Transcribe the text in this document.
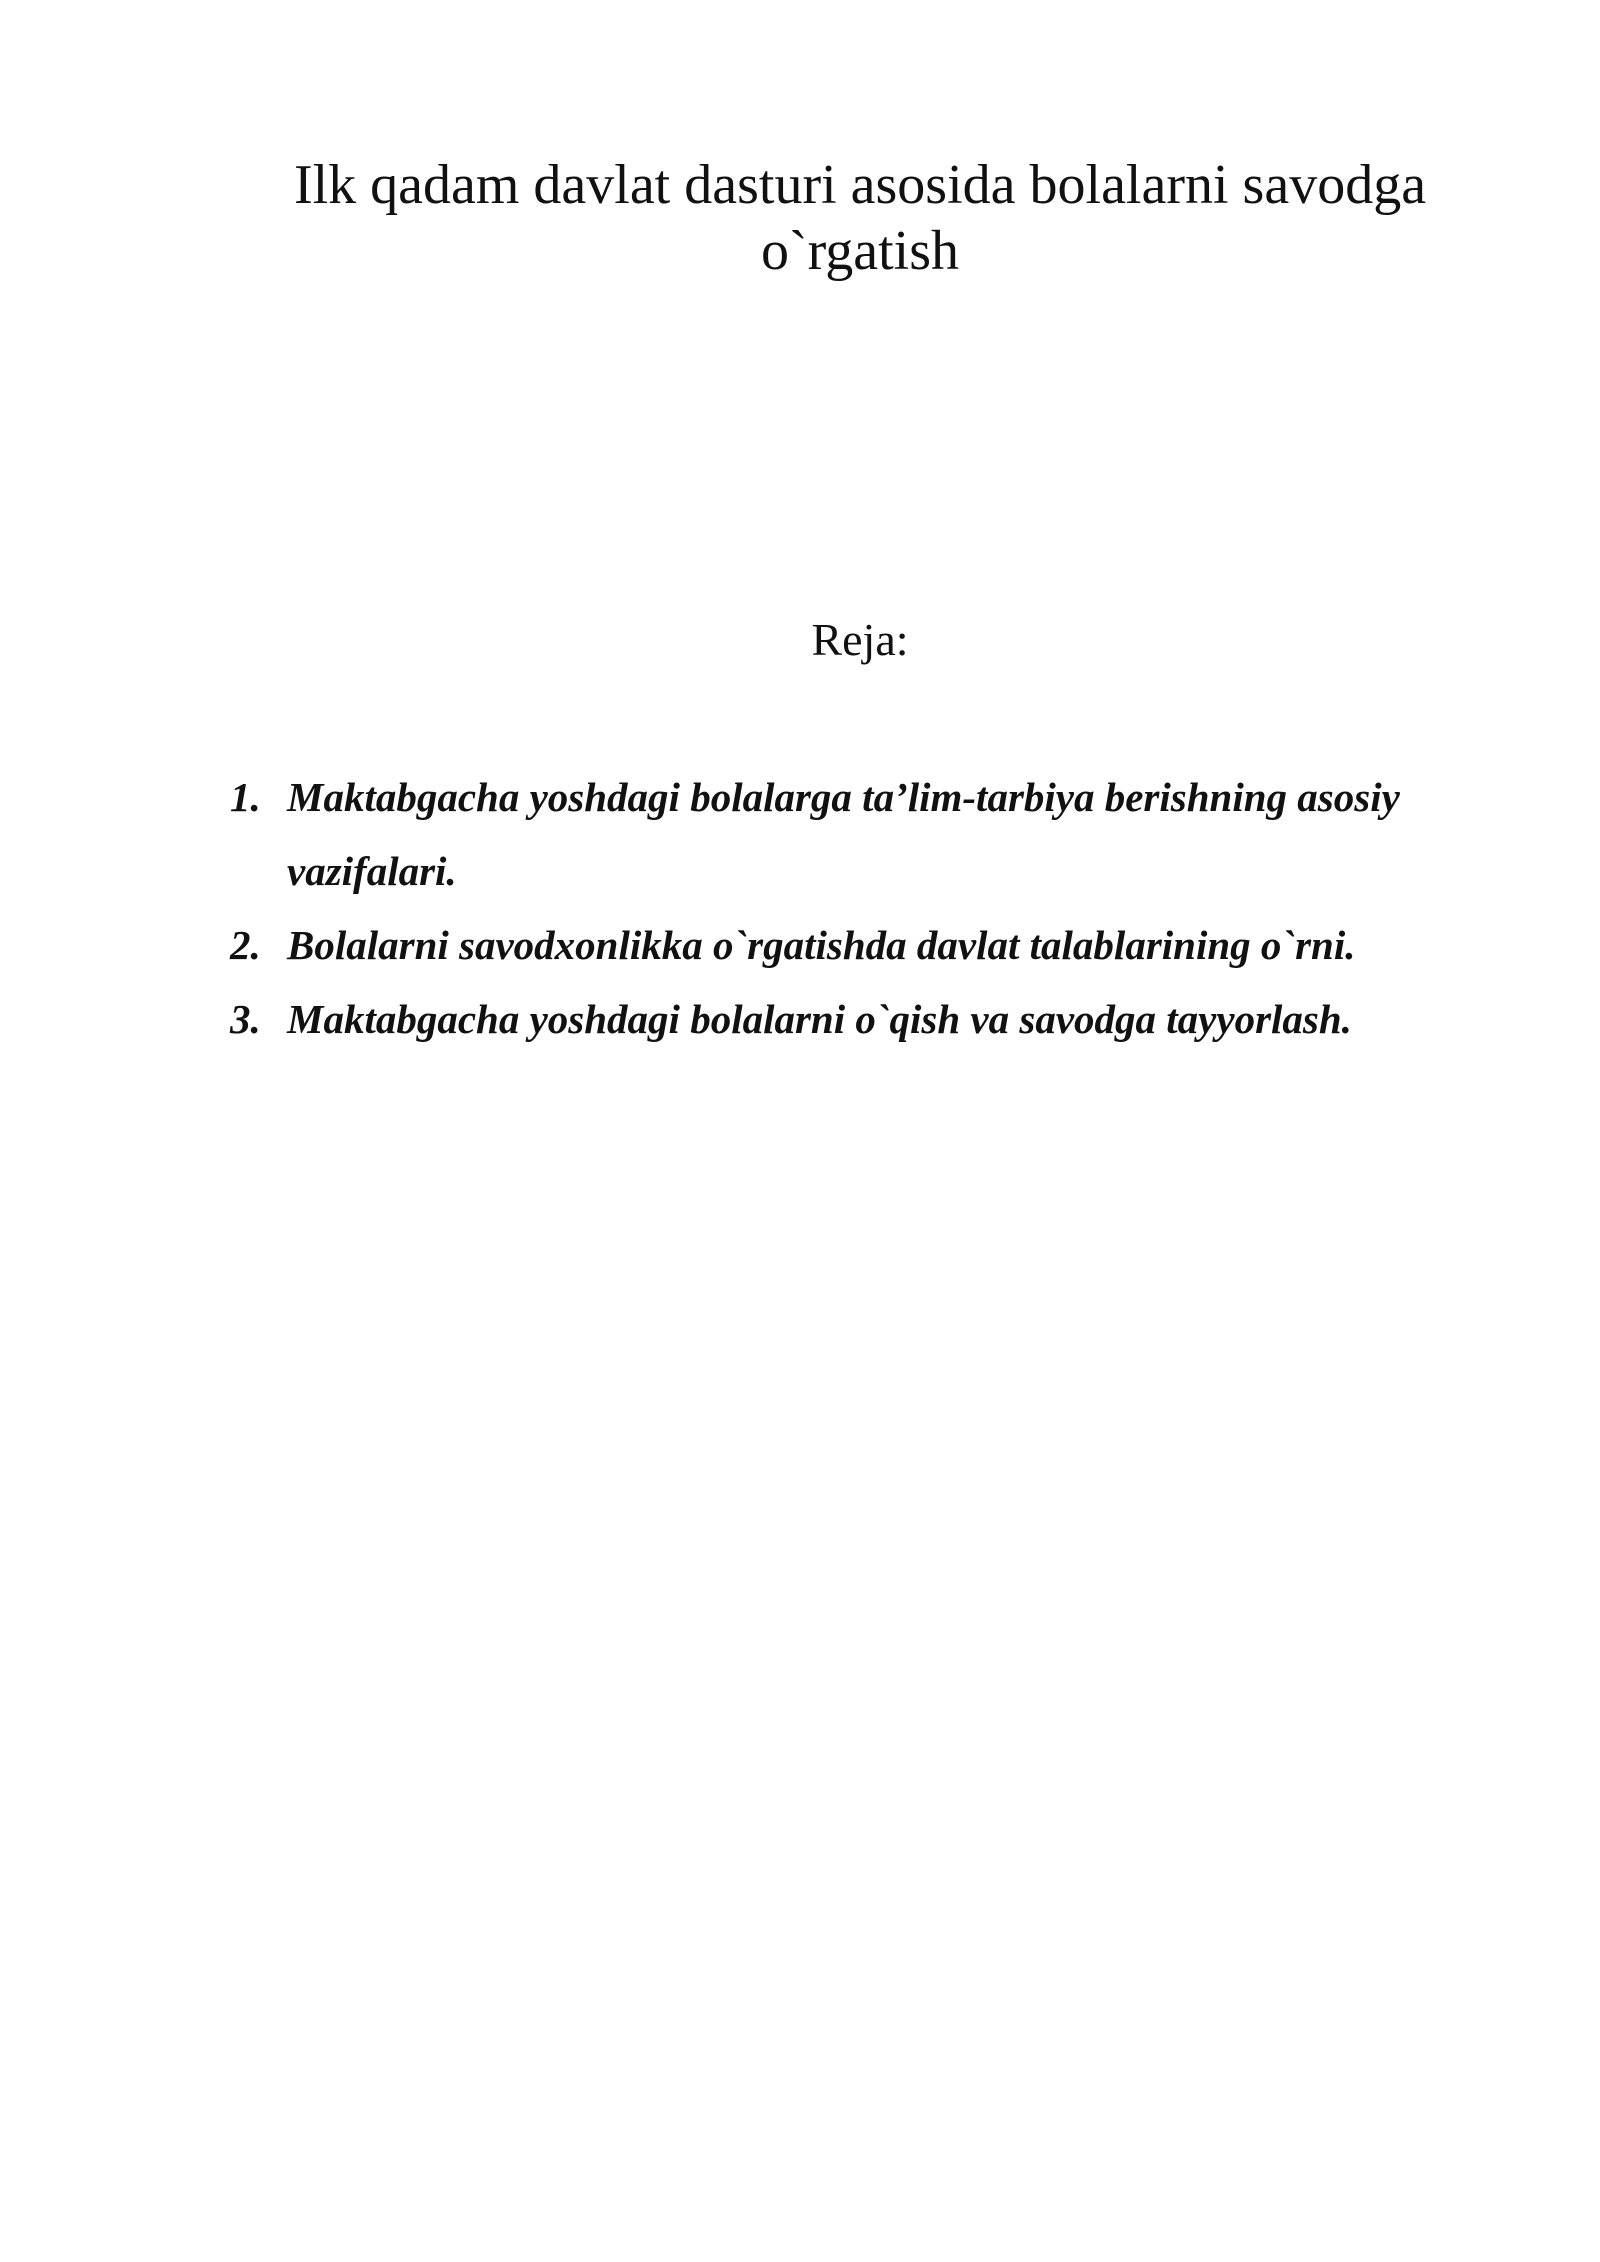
Ilk qadam davlat dasturi asosida bolalarni savodga o`rgatish
Reja:
1. Maktabgacha yoshdagi bolalarga ta’lim-tarbiya berishning asosiy vazifalari.
2. Bolalarni savodxonlikka o`rgatishda davlat talablarining o`rni.
3. Maktabgacha yoshdagi bolalarni o`qish va savodga tayyorlash.
